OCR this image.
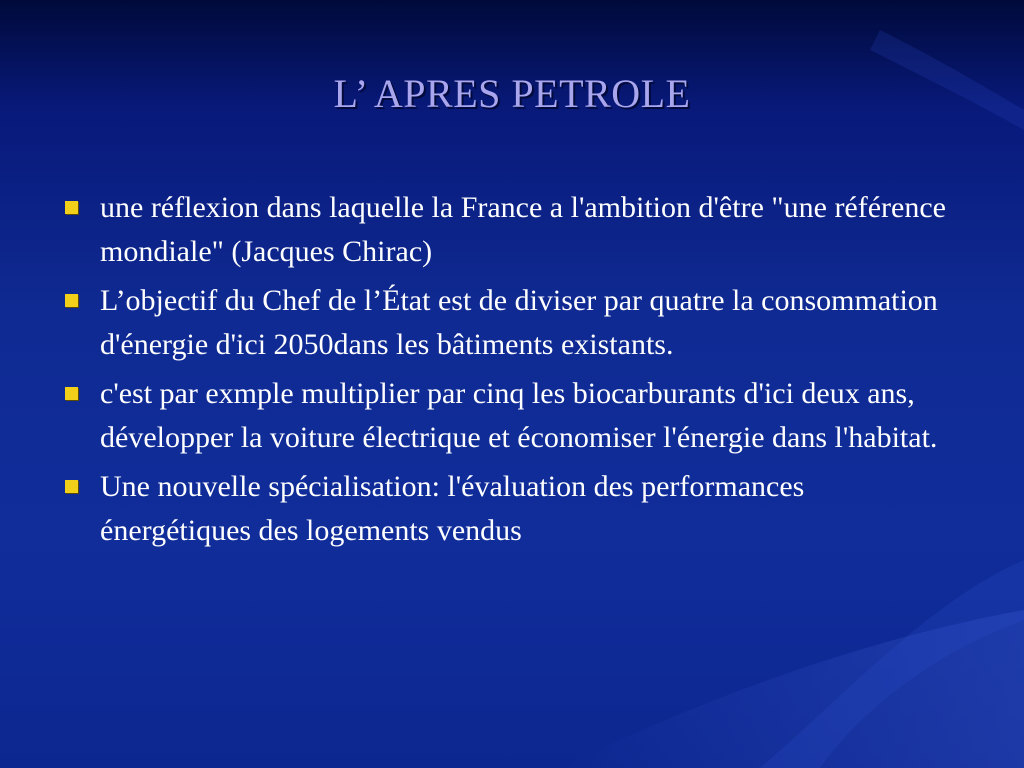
L’ APRES PETROLE
une réflexion dans laquelle la France a l'ambition d'être "une référence mondiale" (Jacques Chirac)
L’objectif du Chef de l’État est de diviser par quatre la consommation d'énergie d'ici 2050dans les bâtiments existants.
c'est par exmple multiplier par cinq les biocarburants d'ici deux ans, développer la voiture électrique et économiser l'énergie dans l'habitat.
Une nouvelle spécialisation: l'évaluation des performances énergétiques des logements vendus
